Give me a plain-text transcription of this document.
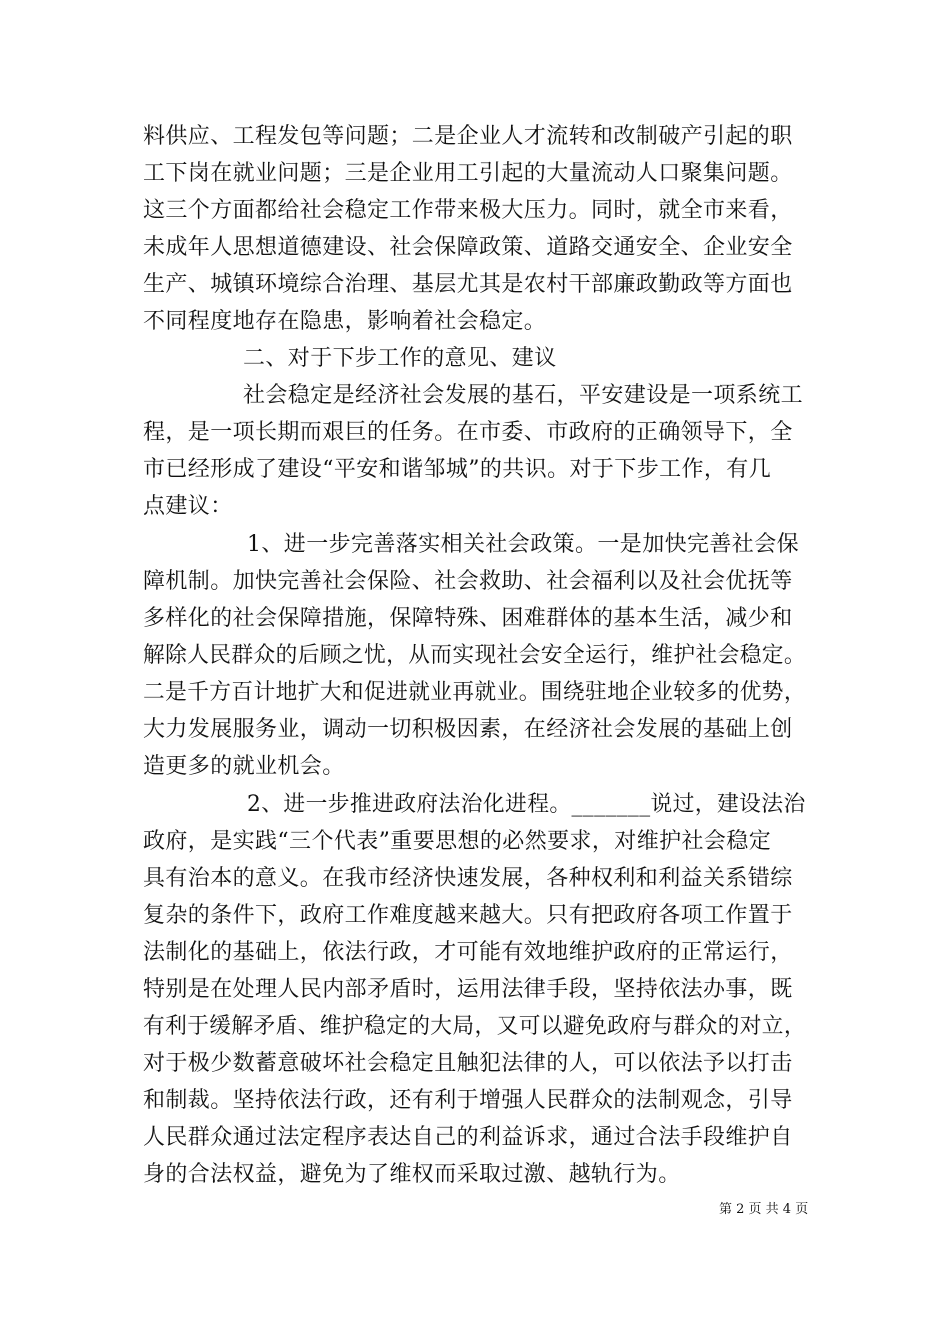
料供应、工程发包等问题；二是企业人才流转和改制破产引起的职
工下岗在就业问题；三是企业用工引起的大量流动人口聚集问题。
这三个方面都给社会稳定工作带来极大压力。同时，就全市来看，
未成年人思想道德建设、社会保障政策、道路交通安全、企业安全
生产、城镇环境综合治理、基层尤其是农村干部廉政勤政等方面也
不同程度地存在隐患，影响着社会稳定。
二、对于下步工作的意见、建议
社会稳定是经济社会发展的基石，平安建设是一项系统工
程，是一项长期而艰巨的任务。在市委、市政府的正确领导下，全
市已经形成了建设“平安和谐邹城”的共识。对于下步工作，有几
点建议：
1、进一步完善落实相关社会政策。一是加快完善社会保
障机制。加快完善社会保险、社会救助、社会福利以及社会优抚等
多样化的社会保障措施，保障特殊、困难群体的基本生活，减少和
解除人民群众的后顾之忧，从而实现社会安全运行，维护社会稳定。
二是千方百计地扩大和促进就业再就业。围绕驻地企业较多的优势，
大力发展服务业，调动一切积极因素，在经济社会发展的基础上创
造更多的就业机会。
2、进一步推进政府法治化进程。_______说过，建设法治
政府，是实践“三个代表”重要思想的必然要求，对维护社会稳定
具有治本的意义。在我市经济快速发展，各种权利和利益关系错综
复杂的条件下，政府工作难度越来越大。只有把政府各项工作置于
法制化的基础上，依法行政，才可能有效地维护政府的正常运行，
特别是在处理人民内部矛盾时，运用法律手段，坚持依法办事，既
有利于缓解矛盾、维护稳定的大局，又可以避免政府与群众的对立，
对于极少数蓄意破坏社会稳定且触犯法律的人，可以依法予以打击
和制裁。坚持依法行政，还有利于增强人民群众的法制观念，引导
人民群众通过法定程序表达自己的利益诉求，通过合法手段维护自
身的合法权益，避免为了维权而采取过激、越轨行为。
第 2 页 共 4 页
